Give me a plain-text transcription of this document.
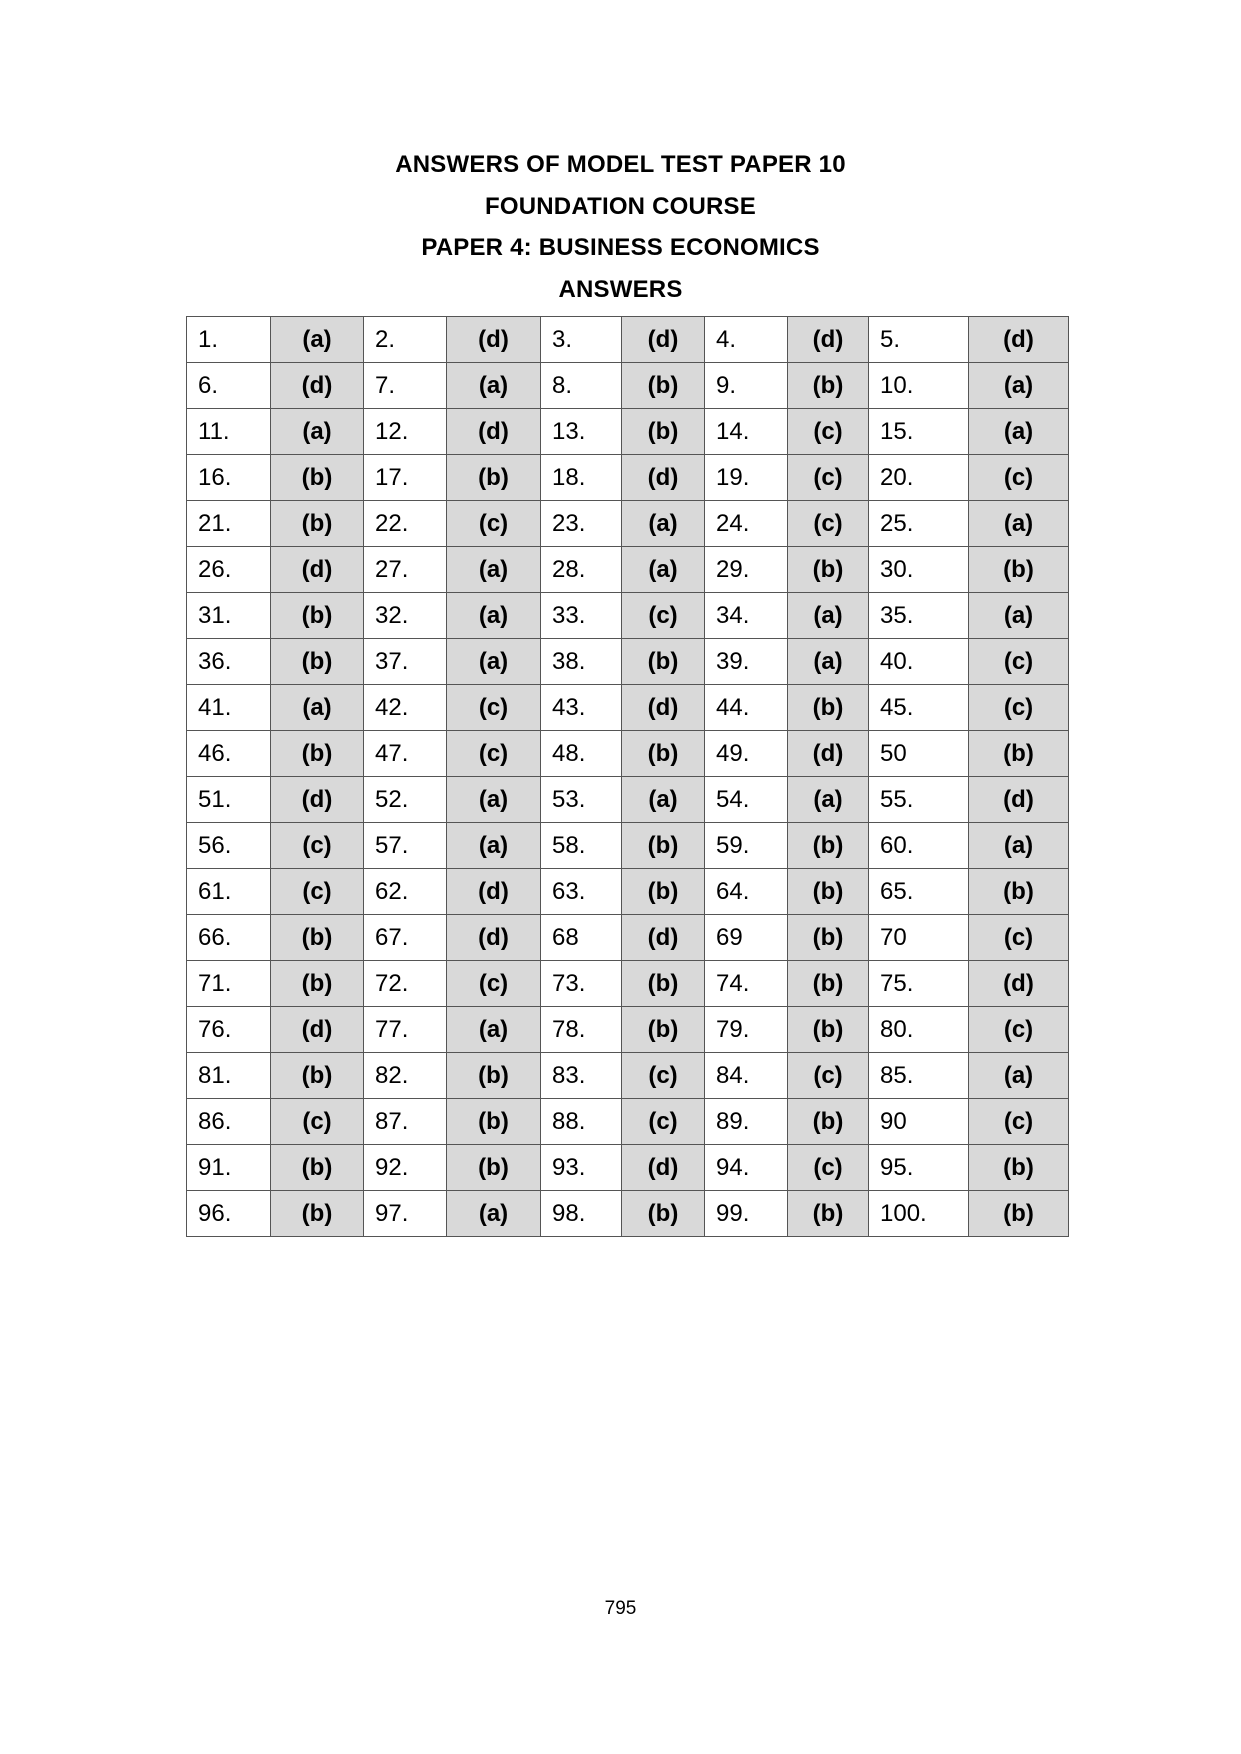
ANSWERS OF MODEL TEST PAPER 10
FOUNDATION COURSE
PAPER 4: BUSINESS ECONOMICS
ANSWERS
1.	(a)	2.	(d)	3.	(d)	4.	(d)	5.	(d)
6.	(d)	7.	(a)	8.	(b)	9.	(b)	10.	(a)
11.	(a)	12.	(d)	13.	(b)	14.	(c)	15.	(a)
16.	(b)	17.	(b)	18.	(d)	19.	(c)	20.	(c)
21.	(b)	22.	(c)	23.	(a)	24.	(c)	25.	(a)
26.	(d)	27.	(a)	28.	(a)	29.	(b)	30.	(b)
31.	(b)	32.	(a)	33.	(c)	34.	(a)	35.	(a)
36.	(b)	37.	(a)	38.	(b)	39.	(a)	40.	(c)
41.	(a)	42.	(c)	43.	(d)	44.	(b)	45.	(c)
46.	(b)	47.	(c)	48.	(b)	49.	(d)	50	(b)
51.	(d)	52.	(a)	53.	(a)	54.	(a)	55.	(d)
56.	(c)	57.	(a)	58.	(b)	59.	(b)	60.	(a)
61.	(c)	62.	(d)	63.	(b)	64.	(b)	65.	(b)
66.	(b)	67.	(d)	68	(d)	69	(b)	70	(c)
71.	(b)	72.	(c)	73.	(b)	74.	(b)	75.	(d)
76.	(d)	77.	(a)	78.	(b)	79.	(b)	80.	(c)
81.	(b)	82.	(b)	83.	(c)	84.	(c)	85.	(a)
86.	(c)	87.	(b)	88.	(c)	89.	(b)	90	(c)
91.	(b)	92.	(b)	93.	(d)	94.	(c)	95.	(b)
96.	(b)	97.	(a)	98.	(b)	99.	(b)	100.	(b)
795
